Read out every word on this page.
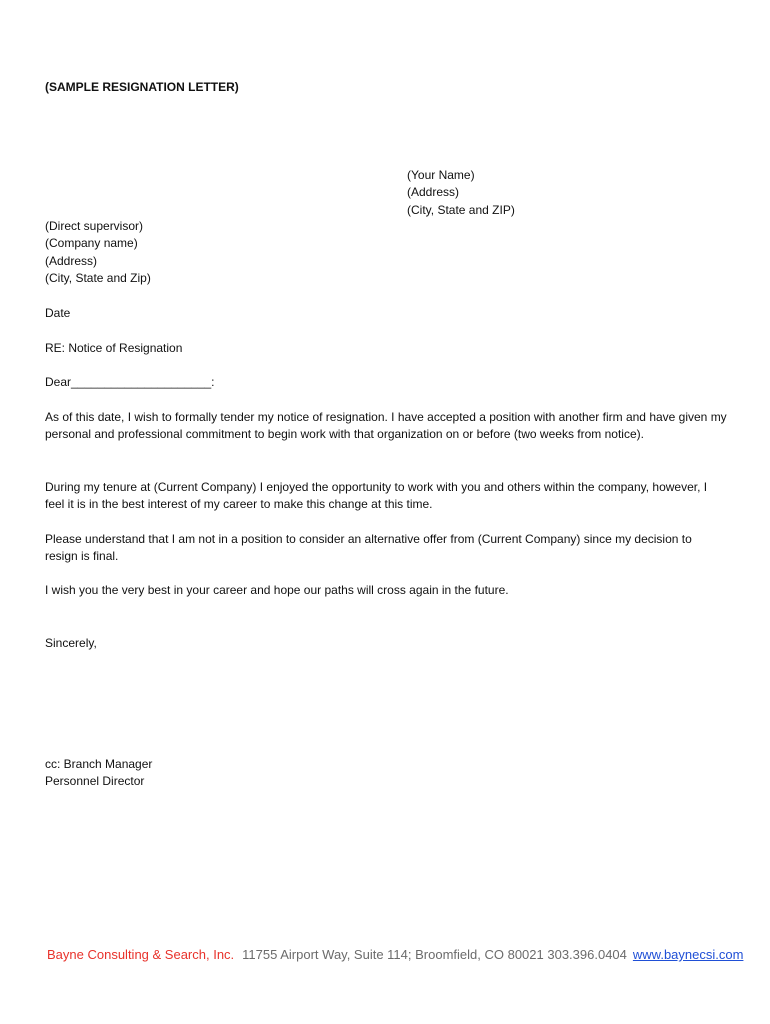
(SAMPLE RESIGNATION LETTER)
(Your Name)
(Address)
(City, State and ZIP)
(Direct supervisor)
(Company name)
(Address)
(City, State and Zip)
Date
RE: Notice of Resignation
Dear_____________________:
As of this date, I wish to formally tender my notice of resignation. I have accepted a position with another firm and have given my personal and professional commitment to begin work with that organization on or before (two weeks from notice).
During my tenure at (Current Company) I enjoyed the opportunity to work with you and others within the company, however, I feel it is in the best interest of my career to make this change at this time.
Please understand that I am not in a position to consider an alternative offer from (Current Company) since my decision to resign is final.
I wish you the very best in your career and hope our paths will cross again in the future.
Sincerely,
cc: Branch Manager
Personnel Director
Bayne Consulting & Search, Inc. 11755 Airport Way, Suite 114; Broomfield, CO 80021 303.396.0404 www.baynecsi.com
